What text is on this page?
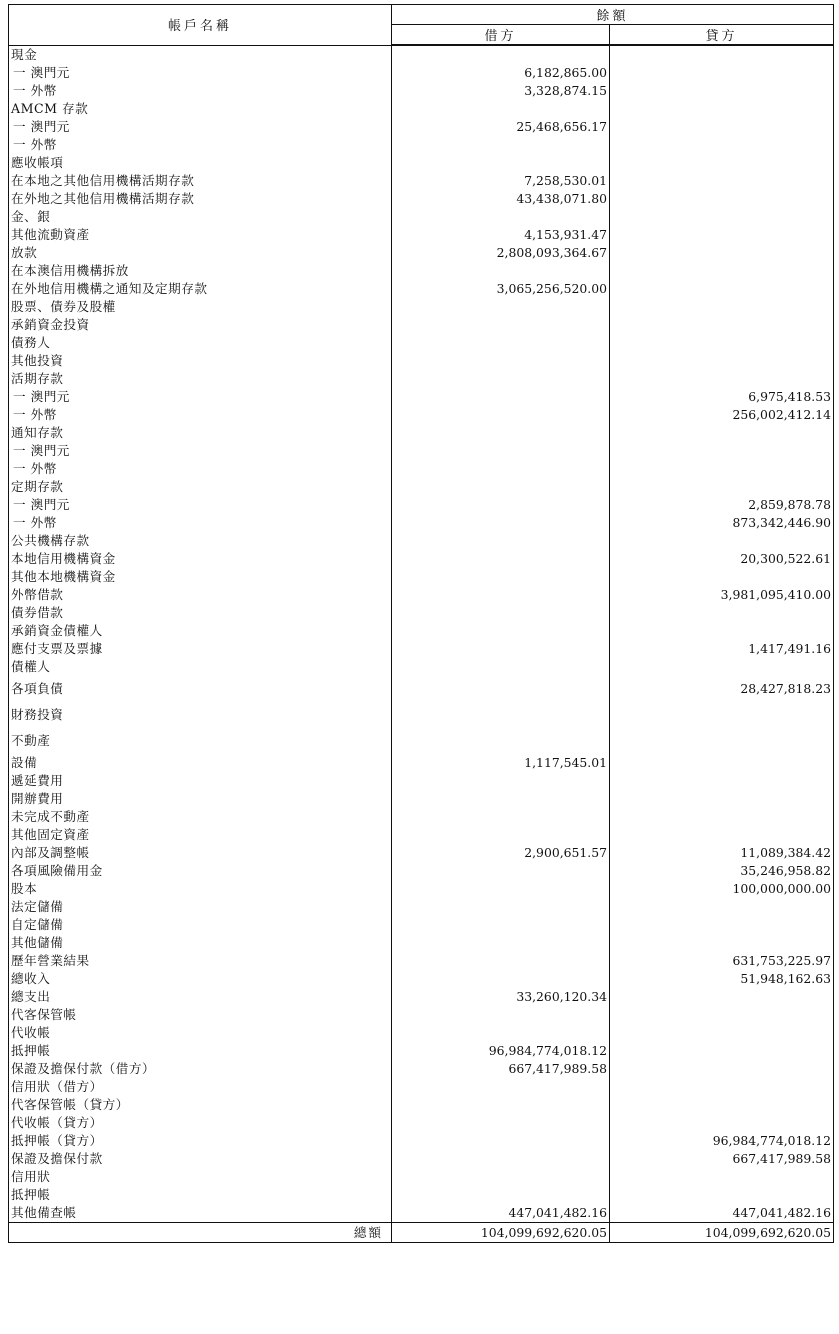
帳戶名稱	餘額	
	借方	貸方
現金		
一 澳門元	6,182,865.00	
一 外幣	3,328,874.15	
AMCM 存款		
一 澳門元	25,468,656.17	
一 外幣		
應收帳項		
在本地之其他信用機構活期存款	7,258,530.01	
在外地之其他信用機構活期存款	43,438,071.80	
金、銀		
其他流動資產	4,153,931.47	
放款	2,808,093,364.67	
在本澳信用機構拆放		
在外地信用機構之通知及定期存款	3,065,256,520.00	
股票、債券及股權		
承銷資金投資		
債務人		
其他投資		
活期存款		
一 澳門元		6,975,418.53
一 外幣		256,002,412.14
通知存款		
一 澳門元		
一 外幣		
定期存款		
一 澳門元		2,859,878.78
一 外幣		873,342,446.90
公共機構存款		
本地信用機構資金		20,300,522.61
其他本地機構資金		
外幣借款		3,981,095,410.00
債券借款		
承銷資金債權人		
應付支票及票據		1,417,491.16
債權人		
各項負債		28,427,818.23
財務投資		
不動產		
設備	1,117,545.01	
遞延費用		
開辦費用		
未完成不動產		
其他固定資產		
內部及調整帳	2,900,651.57	11,089,384.42
各項風險備用金		35,246,958.82
股本		100,000,000.00
法定儲備		
自定儲備		
其他儲備		
歷年營業結果		631,753,225.97
總收入		51,948,162.63
總支出	33,260,120.34	
代客保管帳		
代收帳		
抵押帳	96,984,774,018.12	
保證及擔保付款（借方）	667,417,989.58	
信用狀（借方）		
代客保管帳（貸方）		
代收帳（貸方）		
抵押帳（貸方）		96,984,774,018.12
保證及擔保付款		667,417,989.58
信用狀		
抵押帳		
其他備查帳	447,041,482.16	447,041,482.16
總額	104,099,692,620.05	104,099,692,620.05
